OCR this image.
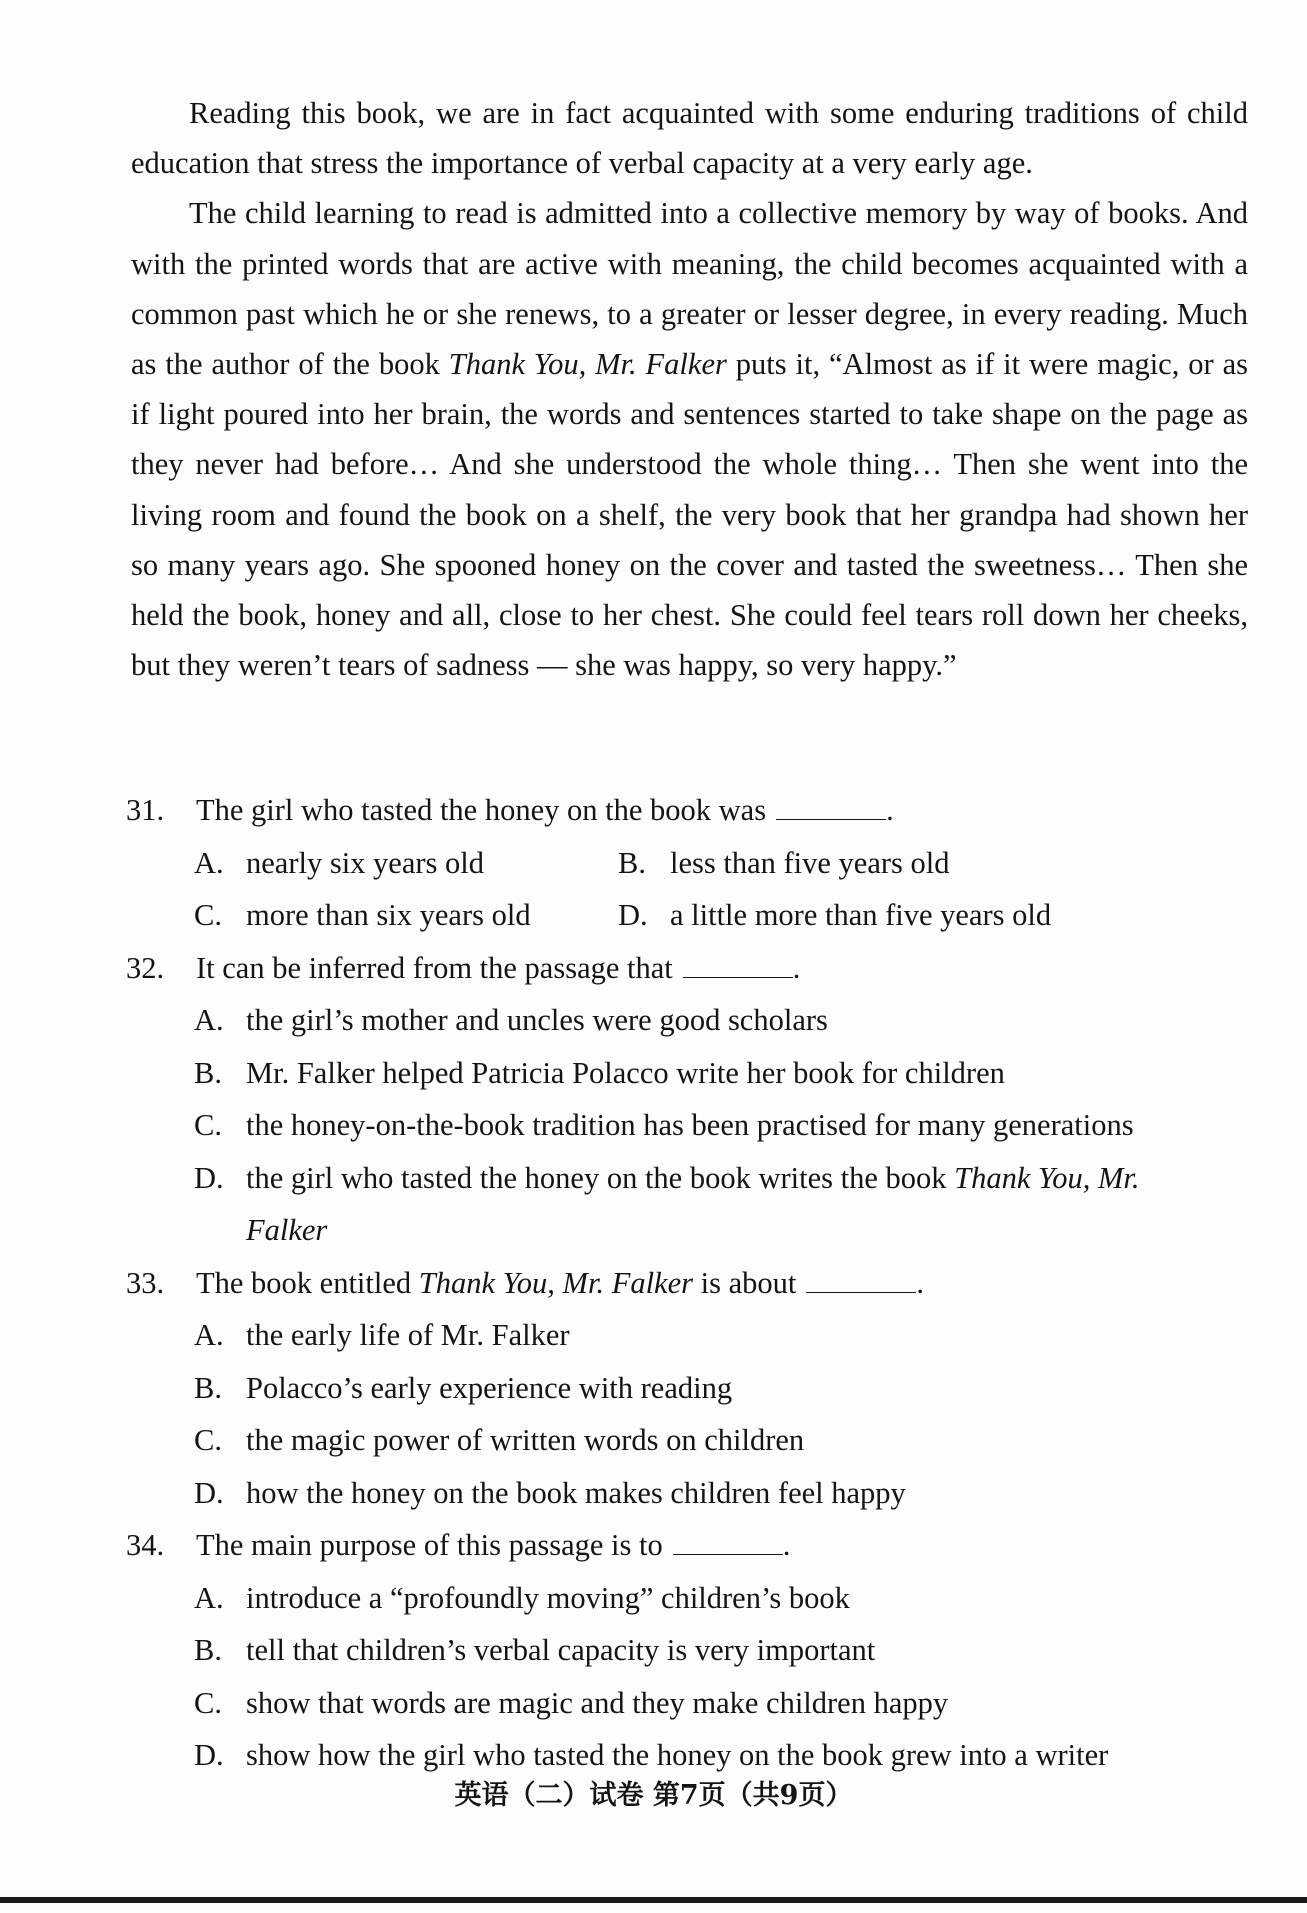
Reading this book, we are in fact acquainted with some enduring traditions of child education that stress the importance of verbal capacity at a very early age.

The child learning to read is admitted into a collective memory by way of books. And with the printed words that are active with meaning, the child becomes acquainted with a common past which he or she renews, to a greater or lesser degree, in every reading. Much as the author of the book Thank You, Mr. Falker puts it, “Almost as if it were magic, or as if light poured into her brain, the words and sentences started to take shape on the page as they never had before… And she understood the whole thing… Then she went into the living room and found the book on a shelf, the very book that her grandpa had shown her so many years ago. She spooned honey on the cover and tasted the sweetness… Then she held the book, honey and all, close to her chest. She could feel tears roll down her cheeks, but they weren’t tears of sadness — she was happy, so very happy.”

31. The girl who tasted the honey on the book was	.
A. nearly six years old	B. less than five years old
C. more than six years old	D. a little more than five years old
32. It can be inferred from the passage that	.
A. the girl’s mother and uncles were good scholars
B. Mr. Falker helped Patricia Polacco write her book for children
C. the honey-on-the-book tradition has been practised for many generations
D. the girl who tasted the honey on the book writes the book Thank You, Mr.
Falker
33. The book entitled Thank You, Mr. Falker is about	.
A. the early life of Mr. Falker
B. Polacco’s early experience with reading
C. the magic power of written words on children
D. how the honey on the book makes children feel happy
34. The main purpose of this passage is to	.
A. introduce a “profoundly moving” children’s book
B. tell that children’s verbal capacity is very important
C. show that words are magic and they make children happy
D. show how the girl who tasted the honey on the book grew into a writer
英语（二）试卷 第7页（共9页）
